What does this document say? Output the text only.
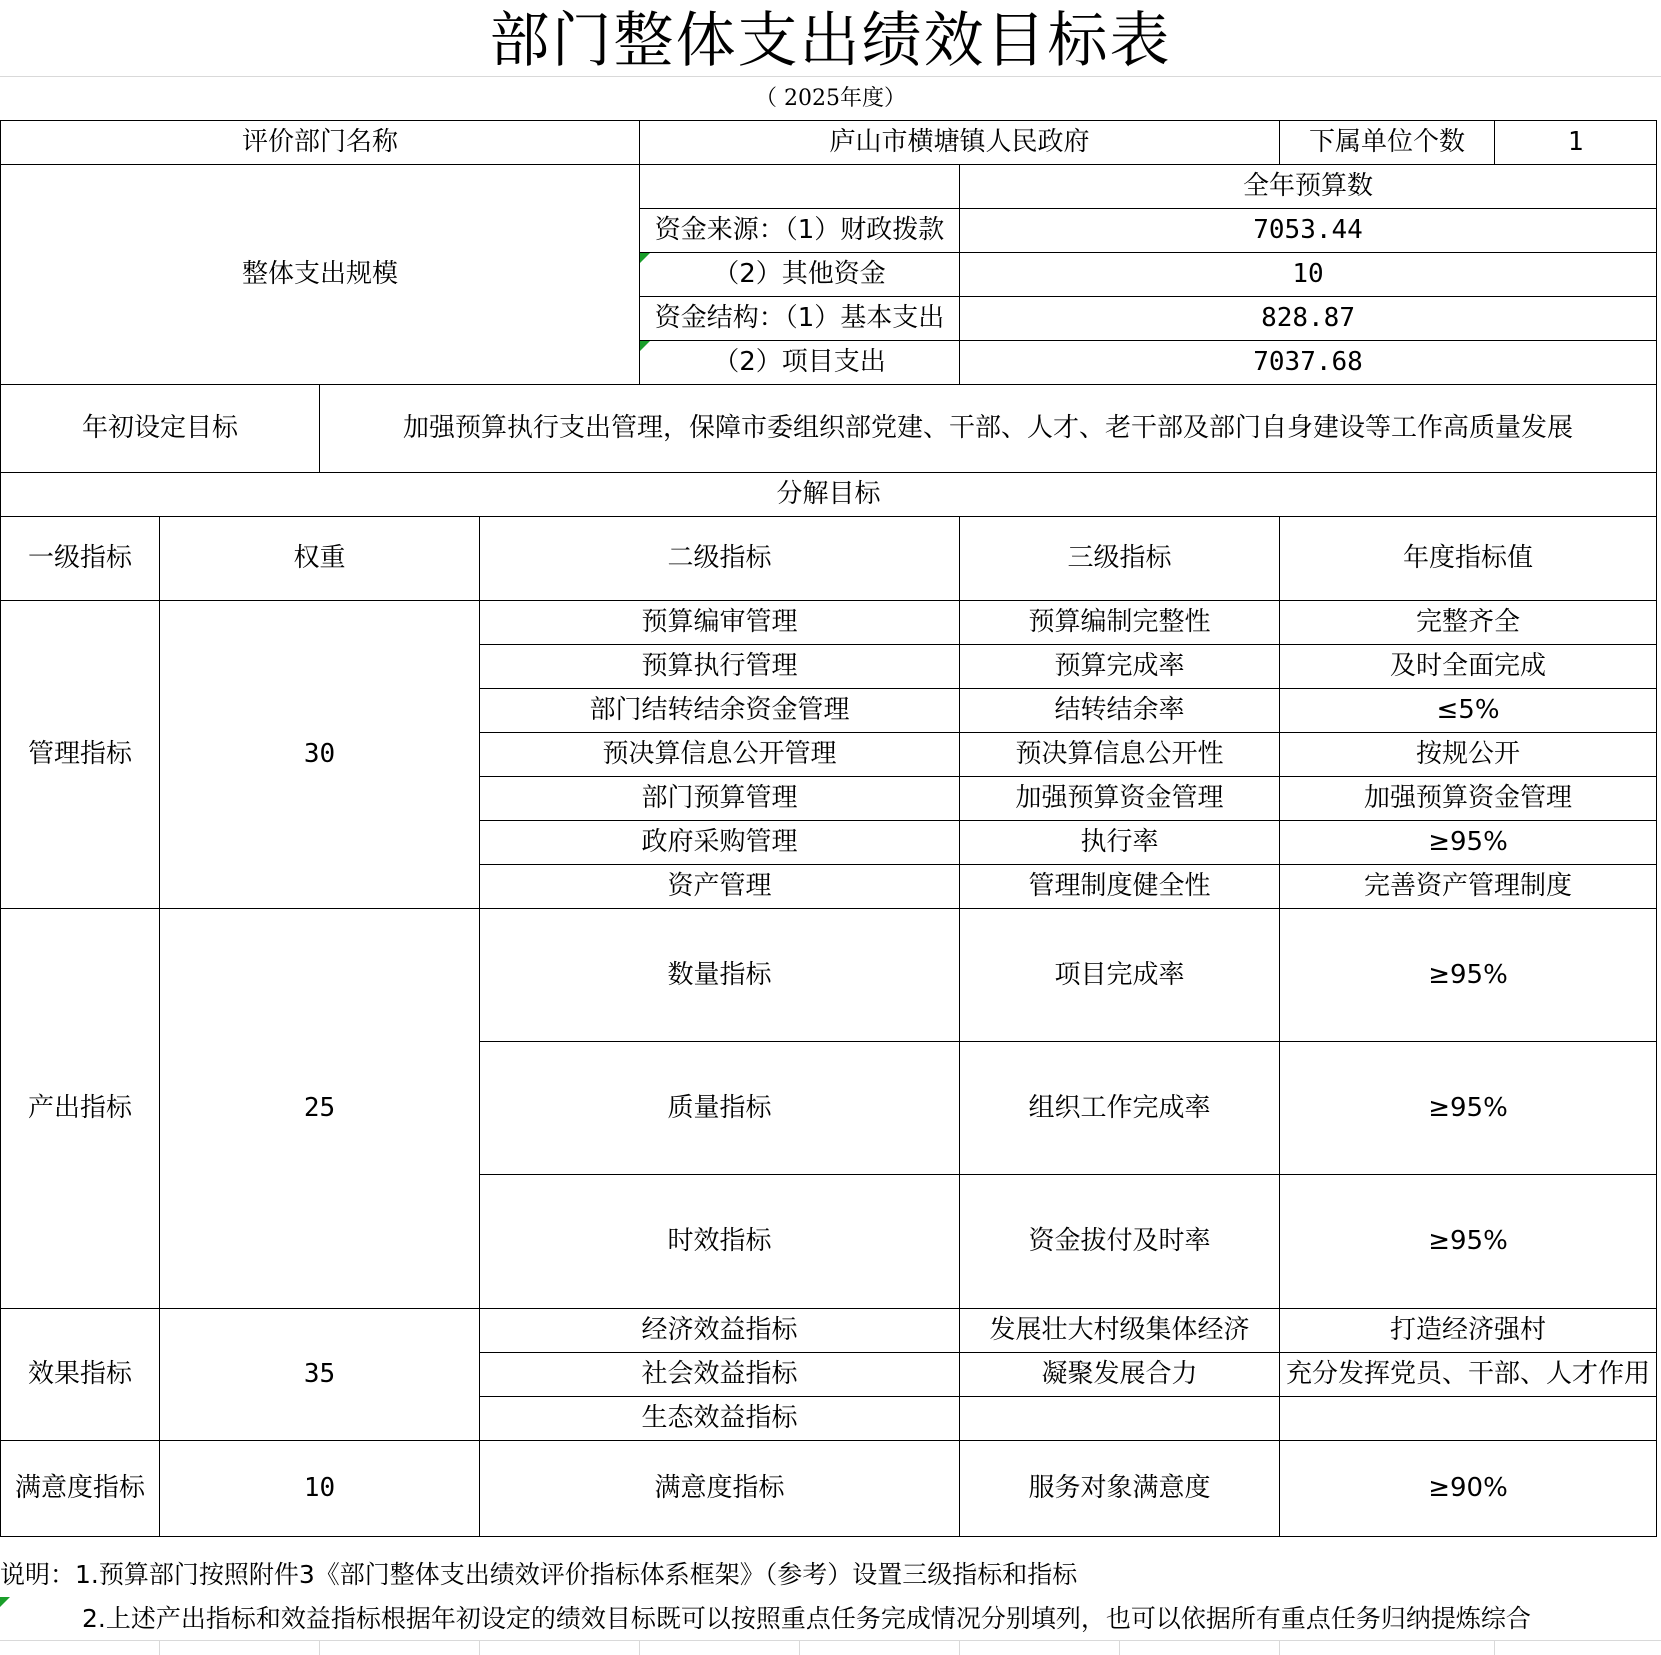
部门整体支出绩效目标表
（ 2025年度）
评价部门名称				庐山市横塘镇人民政府		下属单位个数	1
整体支出规模					全年预算数		
				资金来源：（1）财政拨款	7053.44		
				（2）其他资金	10		
				资金结构：（1）基本支出	828.87		
				（2）项目支出	7037.68		
年初设定目标		加强预算执行支出管理，保障市委组织部党建、干部、人才、老干部及部门自身建设等工作高质量发展					
分解目标							
一级指标	权重		二级指标		三级指标	年度指标值	
管理指标	30		预算编审管理		预算编制完整性	完整齐全	
			预算执行管理		预算完成率	及时全面完成	
			部门结转结余资金管理		结转结余率	≤5%	
			预决算信息公开管理		预决算信息公开性	按规公开	
			部门预算管理		加强预算资金管理	加强预算资金管理	
			政府采购管理		执行率	≥95%	
			资产管理		管理制度健全性	完善资产管理制度	
产出指标	25		数量指标		项目完成率	≥95%	
			质量指标		组织工作完成率	≥95%	
			时效指标		资金拔付及时率	≥95%	
效果指标	35		经济效益指标		发展壮大村级集体经济	打造经济强村	
			社会效益指标		凝聚发展合力	充分发挥党员、干部、人才作用	
			生态效益指标				
满意度指标	10		满意度指标		服务对象满意度	≥90%	
说明：1.预算部门按照附件3《部门整体支出绩效评价指标体系框架》（参考）设置三级指标和指标
2.上述产出指标和效益指标根据年初设定的绩效目标既可以按照重点任务完成情况分别填列，也可以依据所有重点任务归纳提炼综合
